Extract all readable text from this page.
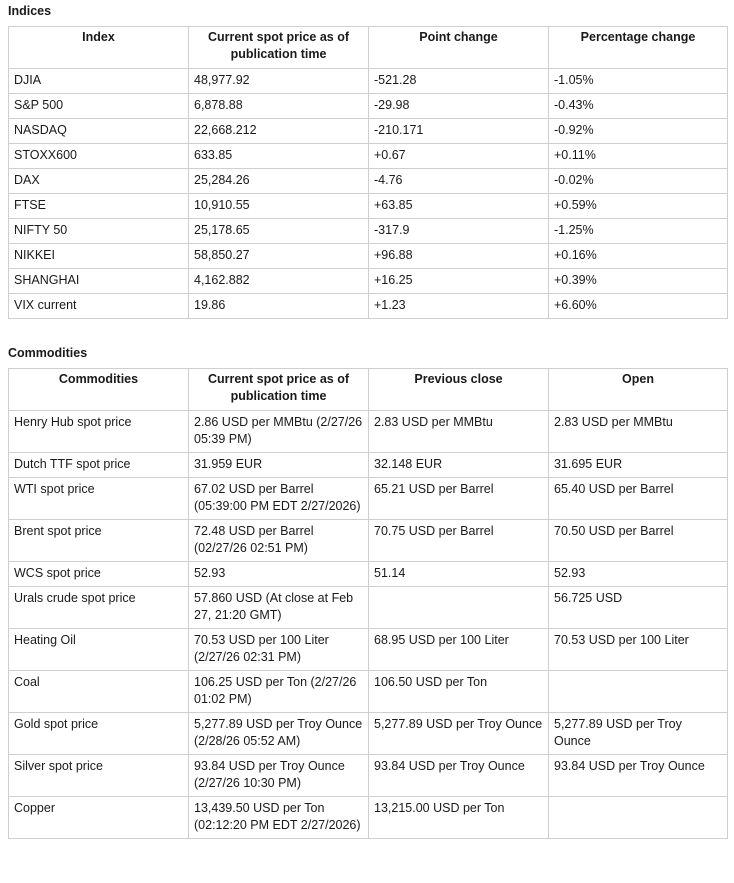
Indices
Index	Current spot price as of publication time	Point change	Percentage change
DJIA	48,977.92	-521.28	-1.05%
S&P 500	6,878.88	-29.98	-0.43%
NASDAQ	22,668.212	-210.171	-0.92%
STOXX600	633.85	+0.67	+0.11%
DAX	25,284.26	-4.76	-0.02%
FTSE	10,910.55	+63.85	+0.59%
NIFTY 50	25,178.65	-317.9	-1.25%
NIKKEI	58,850.27	+96.88	+0.16%
SHANGHAI	4,162.882	+16.25	+0.39%
VIX current	19.86	+1.23	+6.60%
Commodities
Commodities	Current spot price as of publication time	Previous close	Open
Henry Hub spot price	2.86 USD per MMBtu (2/27/26 05:39 PM)	2.83 USD per MMBtu	2.83 USD per MMBtu
Dutch TTF spot price	31.959 EUR	32.148 EUR	31.695 EUR
WTI spot price	67.02 USD per Barrel (05:39:00 PM EDT 2/27/2026)	65.21 USD per Barrel	65.40 USD per Barrel
Brent spot price	72.48 USD per Barrel (02/27/26 02:51 PM)	70.75 USD per Barrel	70.50 USD per Barrel
WCS spot price	52.93	51.14	52.93
Urals crude spot price	57.860 USD (At close at Feb 27, 21:20 GMT)		56.725 USD
Heating Oil	70.53 USD per 100 Liter (2/27/26 02:31 PM)	68.95 USD per 100 Liter	70.53 USD per 100 Liter
Coal	106.25 USD per Ton (2/27/26 01:02 PM)	106.50 USD per Ton	
Gold spot price	5,277.89 USD per Troy Ounce (2/28/26 05:52 AM)	5,277.89 USD per Troy Ounce	5,277.89 USD per Troy Ounce
Silver spot price	93.84 USD per Troy Ounce (2/27/26 10:30 PM)	93.84 USD per Troy Ounce	93.84 USD per Troy Ounce
Copper	13,439.50 USD per Ton (02:12:20 PM EDT 2/27/2026)	13,215.00 USD per Ton	
